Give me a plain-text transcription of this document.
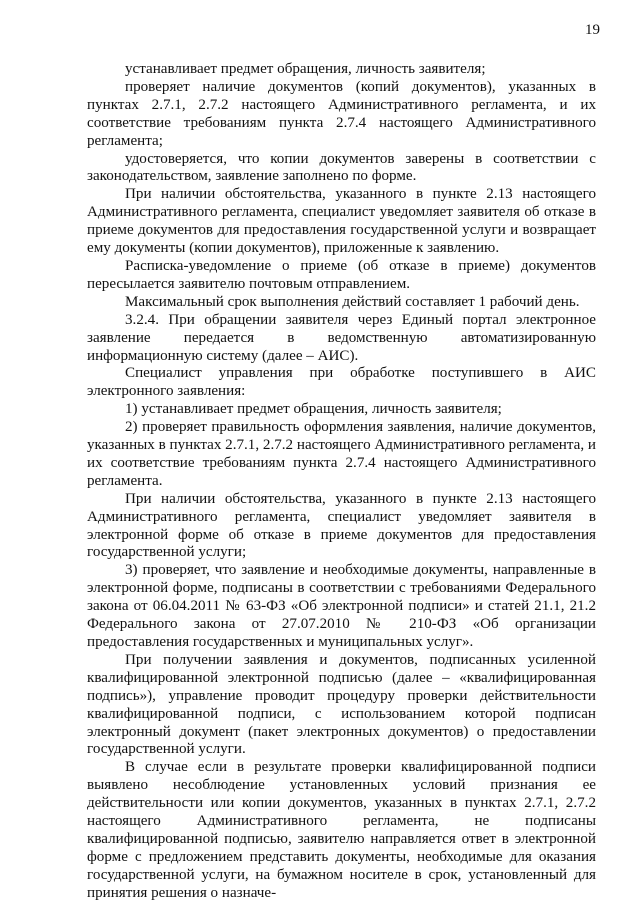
19

устанавливает предмет обращения, личность заявителя;

проверяет наличие документов (копий документов), указанных в пунктах 2.7.1, 2.7.2 настоящего Административного регламента, и их соответствие требованиям пункта 2.7.4 настоящего Административного регламента;

удостоверяется, что копии документов заверены в соответствии с законодательством, заявление заполнено по форме.

При наличии обстоятельства, указанного в пункте 2.13 настоящего Административного регламента, специалист уведомляет заявителя об отказе в приеме документов для предоставления государственной услуги и возвращает ему документы (копии документов), приложенные к заявлению.

Расписка-уведомление о приеме (об отказе в приеме) документов пересылается заявителю почтовым отправлением.

Максимальный срок выполнения действий составляет 1 рабочий день.

3.2.4. При обращении заявителя через Единый портал электронное заявление передается в ведомственную автоматизированную информационную систему (далее – АИС).

Специалист управления при обработке поступившего в АИС электронного заявления:

1) устанавливает предмет обращения, личность заявителя;

2) проверяет правильность оформления заявления, наличие документов, указанных в пунктах 2.7.1, 2.7.2 настоящего Административного регламента, и их соответствие требованиям пункта 2.7.4 настоящего Административного регламента.

При наличии обстоятельства, указанного в пункте 2.13 настоящего Административного регламента, специалист уведомляет заявителя в электронной форме об отказе в приеме документов для предоставления государственной услуги;

3) проверяет, что заявление и необходимые документы, направленные в электронной форме, подписаны в соответствии с требованиями Федерального закона от 06.04.2011 № 63-ФЗ «Об электронной подписи» и статей 21.1, 21.2 Федерального закона от 27.07.2010 № 210-ФЗ «Об организации предоставления государственных и муниципальных услуг».

При получении заявления и документов, подписанных усиленной квалифицированной электронной подписью (далее – «квалифицированная подпись»), управление проводит процедуру проверки действительности квалифицированной подписи, с использованием которой подписан электронный документ (пакет электронных документов) о предоставлении государственной услуги.

В случае если в результате проверки квалифицированной подписи выявлено несоблюдение установленных условий признания ее действительности или копии документов, указанных в пунктах 2.7.1, 2.7.2 настоящего Административного регламента, не подписаны квалифицированной подписью, заявителю направляется ответ в электронной форме с предложением представить документы, необходимые для оказания государственной услуги, на бумажном носителе в срок, установленный для принятия решения о назначе-
